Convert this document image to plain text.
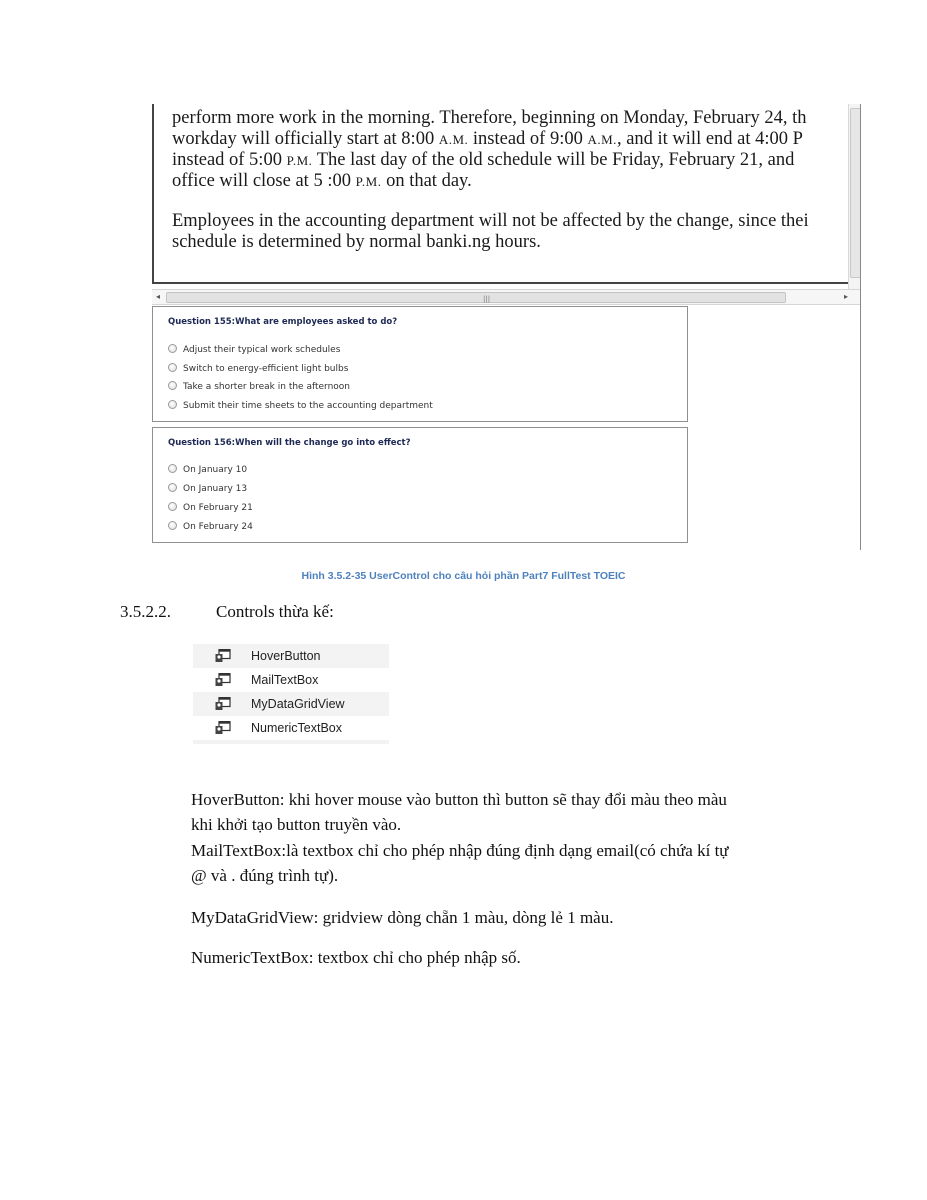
perform more work in the morning. Therefore, beginning on Monday, February 24, th
workday will officially start at 8:00 A.M. instead of 9:00 A.M., and it will end at 4:00 P
instead of 5:00 P.M. The last day of the old schedule will be Friday, February 21, and
office will close at 5 :00 P.M. on that day.

Employees in the accounting department will not be affected by the change, since thei
schedule is determined by normal banki.ng hours.

◂	|||	▸
Question 155:What are employees asked to do?
Adjust their typical work schedules
Switch to energy-efficient light bulbs
Take a shorter break in the afternoon
Submit their time sheets to the accounting department
Question 156:When will the change go into effect?
On January 10
On January 13
On February 21
On February 24
Hình 3.5.2-35 UserControl cho câu hỏi phần Part7 FullTest TOEIC
3.5.2.2.	Controls thừa kế:
HoverButton
MailTextBox
MyDataGridView
NumericTextBox
HoverButton: khi hover mouse vào button thì button sẽ thay đổi màu theo màu
khi khởi tạo button truyền vào.
MailTextBox:là textbox chỉ cho phép nhập đúng định dạng email(có chứa kí tự
@ và . đúng trình tự).
MyDataGridView: gridview dòng chẵn 1 màu, dòng lẻ 1 màu.
NumericTextBox: textbox chỉ cho phép nhập số.
